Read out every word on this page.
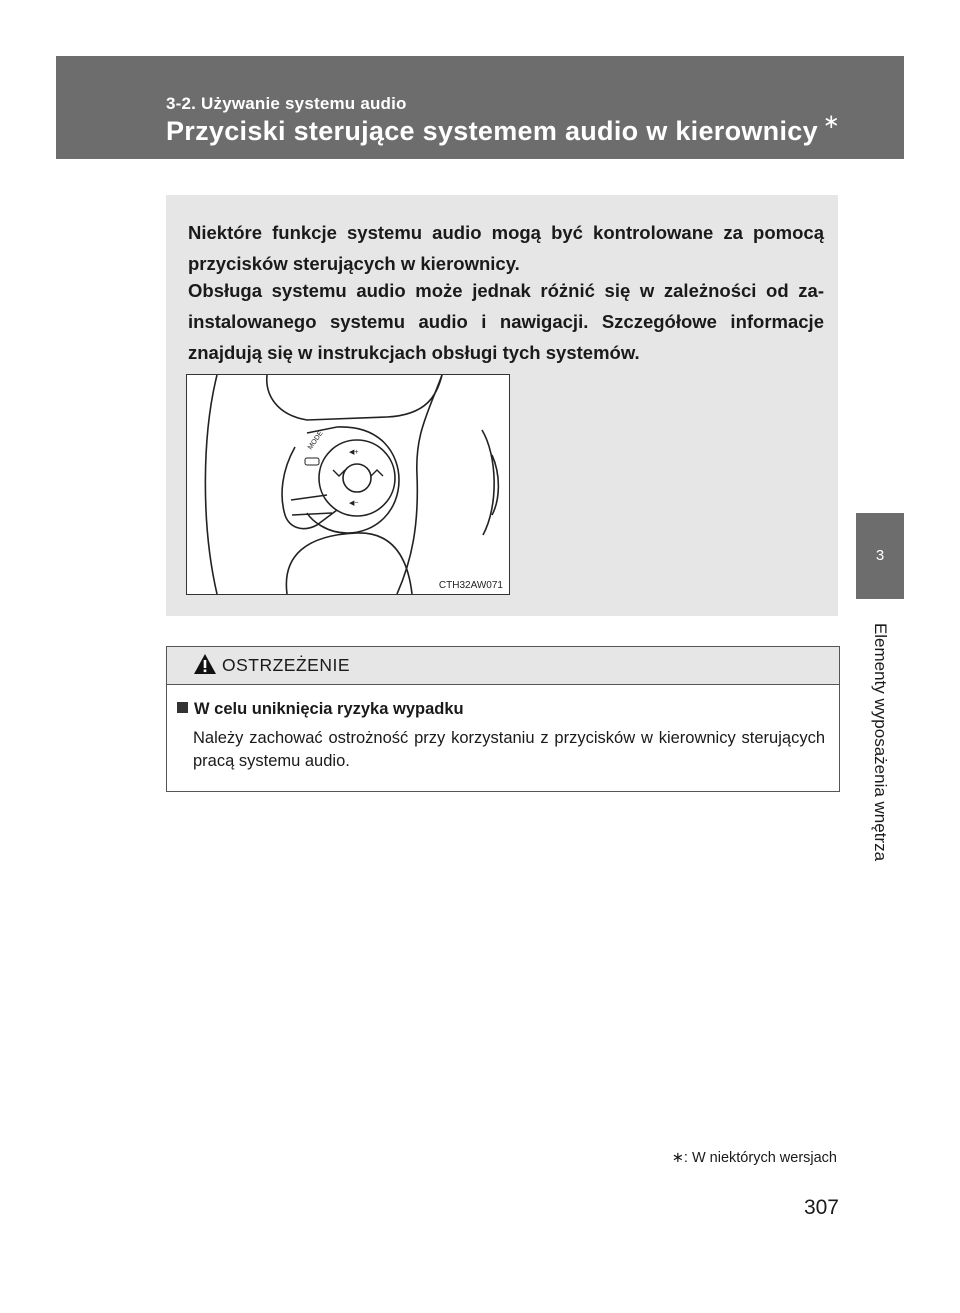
3-2. Używanie systemu audio
Przyciski sterujące systemem audio w kierownicy ∗
3
Elementy wyposażenia wnętrza

Niektóre funkcje systemu audio mogą być kontrolowane za pomocą przycisków sterujących w kierownicy.

Obsługa systemu audio może jednak różnić się w zależności od zainstalowanego systemu audio i nawigacji. Szczegółowe informacje znajdują się w instrukcjach obsługi tych systemów.

◀+
◀−
MODE
CTH32AW071
OSTRZEŻENIE
W celu uniknięcia ryzyka wypadku
Należy zachować ostrożność przy korzystaniu z przycisków w kierownicy sterujących pracą systemu audio.
∗: W niektórych wersjach
307
